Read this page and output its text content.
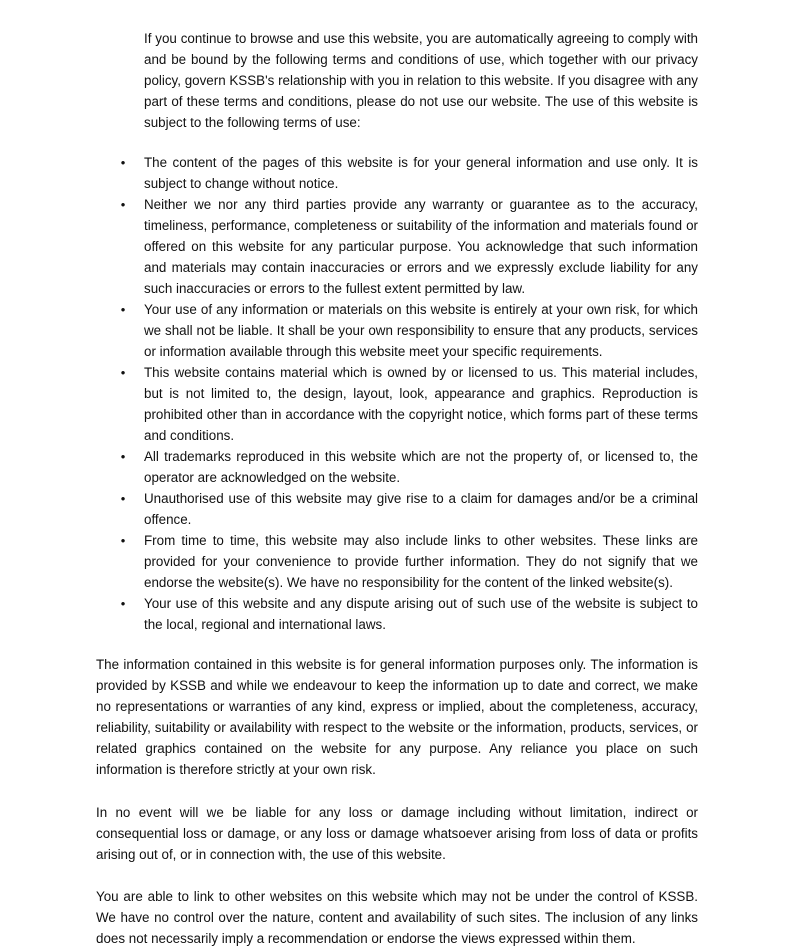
If you continue to browse and use this website, you are automatically agreeing to comply with and be bound by the following terms and conditions of use, which together with our privacy policy, govern KSSB's relationship with you in relation to this website. If you disagree with any part of these terms and conditions, please do not use our website. The use of this website is subject to the following terms of use:

• The content of the pages of this website is for your general information and use only. It is subject to change without notice.
• Neither we nor any third parties provide any warranty or guarantee as to the accuracy, timeliness, performance, completeness or suitability of the information and materials found or offered on this website for any particular purpose. You acknowledge that such information and materials may contain inaccuracies or errors and we expressly exclude liability for any such inaccuracies or errors to the fullest extent permitted by law.
• Your use of any information or materials on this website is entirely at your own risk, for which we shall not be liable. It shall be your own responsibility to ensure that any products, services or information available through this website meet your specific requirements.
• This website contains material which is owned by or licensed to us. This material includes, but is not limited to, the design, layout, look, appearance and graphics. Reproduction is prohibited other than in accordance with the copyright notice, which forms part of these terms and conditions.
• All trademarks reproduced in this website which are not the property of, or licensed to, the operator are acknowledged on the website.
• Unauthorised use of this website may give rise to a claim for damages and/or be a criminal offence.
• From time to time, this website may also include links to other websites. These links are provided for your convenience to provide further information. They do not signify that we endorse the website(s). We have no responsibility for the content of the linked website(s).
• Your use of this website and any dispute arising out of such use of the website is subject to the local, regional and international laws.

The information contained in this website is for general information purposes only. The information is provided by KSSB and while we endeavour to keep the information up to date and correct, we make no representations or warranties of any kind, express or implied, about the completeness, accuracy, reliability, suitability or availability with respect to the website or the information, products, services, or related graphics contained on the website for any purpose. Any reliance you place on such information is therefore strictly at your own risk.

In no event will we be liable for any loss or damage including without limitation, indirect or consequential loss or damage, or any loss or damage whatsoever arising from loss of data or profits arising out of, or in connection with, the use of this website.

You are able to link to other websites on this website which may not be under the control of KSSB. We have no control over the nature, content and availability of such sites. The inclusion of any links does not necessarily imply a recommendation or endorse the views expressed within them.
